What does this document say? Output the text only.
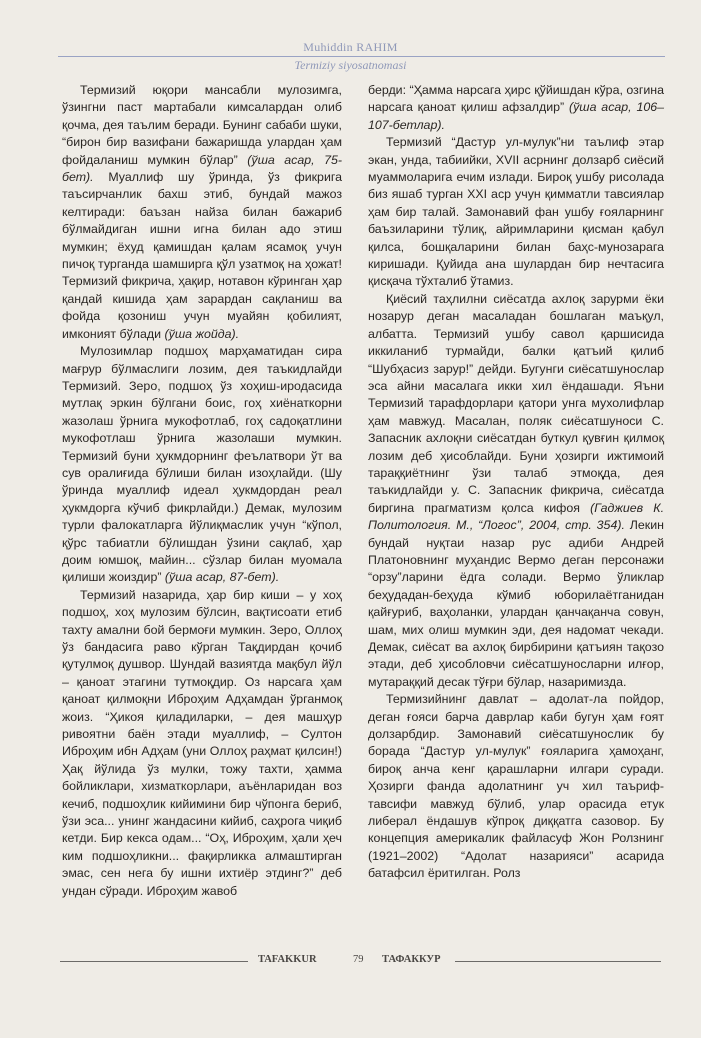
Muhiddin RAHIM
Termiziy siyosatnomasi

Термизий юқори мансабли мулозимга, ўзингни паст мартабали кимсалардан олиб қочма, дея таълим беради. Бунинг сабаби шуки, “бирон бир вазифани бажаришда улардан ҳам фойдаланиш мумкин бўлар” (ўша асар, 75-бет). Муаллиф шу ўринда, ўз фикрига таъсирчанлик бахш этиб, бундай мажоз келтиради: баъзан найза билан бажариб бўлмайдиган ишни игна билан адо этиш мумкин; ёхуд қамишдан қалам ясамоқ учун пичоқ турганда шамширга қўл узатмоқ на ҳожат! Термизий фикрича, ҳақир, нотавон кўринган ҳар қандай кишида ҳам зарардан сақланиш ва фойда қозониш учун муайян қобилият, имконият бўлади (ўша жойда).

Мулозимлар подшоҳ марҳаматидан сира мағрур бўлмаслиги лозим, дея таъкидлайди Термизий. Зеро, подшоҳ ўз хоҳиш-иродасида мутлақ эркин бўлгани боис, гоҳ хиёнаткорни жазолаш ўрнига мукофотлаб, гоҳ садоқатлини мукофотлаш ўрнига жазолаши мумкин. Термизий буни ҳукмдорнинг феълатвори ўт ва сув оралиғида бўлиши билан изоҳлайди. (Шу ўринда муаллиф идеал ҳукмдордан реал ҳукмдорга кўчиб фикрлайди.) Демак, мулозим турли фалокатларга йўлиқмаслик учун “кўпол, қўрс табиатли бўлишдан ўзини сақлаб, ҳар доим юмшоқ, майин... сўзлар билан муомала қилиши жоиздир” (ўша асар, 87-бет).

Термизий назарида, ҳар бир киши – у хоҳ подшоҳ, хоҳ мулозим бўлсин, вақтисоати етиб тахту амални бой бермоғи мумкин. Зеро, Оллоҳ ўз бандасига раво кўрган Тақдирдан қочиб қутулмоқ душвор. Шундай вазиятда мақбул йўл – қаноат этагини тутмоқдир. Оз нарсага ҳам қаноат қилмоқни Иброҳим Адҳамдан ўрганмоқ жоиз. “Ҳикоя қиладиларки, – дея машҳур ривоятни баён этади муаллиф, – Султон Иброҳим ибн Адҳам (уни Оллоҳ раҳмат қилсин!) Ҳақ йўлида ўз мулки, тожу тахти, ҳамма бойликлари, хизматкорлари, аъёнларидан воз кечиб, подшоҳлик кийимини бир чўпонга бериб, ўзи эса... унинг жандасини кийиб, саҳрога чиқиб кетди. Бир кекса одам... “Оҳ, Иброҳим, ҳали ҳеч ким подшоҳликни... фақирликка алмаштирган эмас, сен нега бу ишни ихтиёр этдинг?” деб ундан сўради. Иброҳим жавоб

берди: “Ҳамма нарсага ҳирс қўйишдан кўра, озгина нарсага қаноат қилиш афзалдир” (ўша асар, 106–107-бетлар).

Термизий “Дастур ул-мулук”ни таълиф этар экан, унда, табиийки, XVII асрнинг долзарб сиёсий муаммоларига ечим излади. Бироқ ушбу рисолада биз яшаб турган XXI аср учун қимматли тавсиялар ҳам бир талай. Замонавий фан ушбу ғояларнинг баъзиларини тўлиқ, айримларини қисман қабул қилса, бошқаларини билан баҳс-мунозарага киришади. Қуйида ана шулардан бир нечтасига қисқача тўхталиб ўтамиз.

Қиёсий таҳлилни сиёсатда ахлоқ зарурми ёки нозарур деган масаладан бошлаган маъқул, албатта. Термизий ушбу савол қаршисида иккиланиб турмайди, балки қатъий қилиб “Шубҳасиз зарур!” дейди. Бугунги сиёсатшунослар эса айни масалага икки хил ёндашади. Яъни Термизий тарафдорлари қатори унга мухолифлар ҳам мавжуд. Масалан, поляк сиёсатшуноси С. Запасник ахлоқни сиёсатдан буткул қувғин қилмоқ лозим деб ҳисоблайди. Буни ҳозирги ижтимоий тараққиётнинг ўзи талаб этмоқда, дея таъкидлайди у. С. Запасник фикрича, сиёсатда биргина прагматизм қолса кифоя (Гаджиев К. Политология. М., “Логос”, 2004, стр. 354). Лекин бундай нуқтаи назар рус адиби Андрей Платоновнинг муҳандис Вермо деган персонажи “орзу”ларини ёдга солади. Вермо ўликлар беҳудадан-беҳуда кўмиб юборилаётганидан қайғуриб, ваҳоланки, улардан қанчақанча совун, шам, мих олиш мумкин эди, дея надомат чекади. Демак, сиёсат ва ахлоқ бирбирини қатъиян тақозо этади, деб ҳисобловчи сиёсатшуносларни илғор, мутараққий десак тўғри бўлар, назаримизда.

Термизийнинг давлат – адолат-ла пойдор, деган ғояси барча даврлар каби бугун ҳам ғоят долзарбдир. Замонавий сиёсатшунослик бу борада “Дастур ул-мулук” ғояларига ҳамоҳанг, бироқ анча кенг қарашларни илгари суради. Ҳозирги фанда адолатнинг уч хил таъриф-тавсифи мавжуд бўлиб, улар орасида етук либерал ёндашув кўпроқ диққатга сазовор. Бу концепция америкалик файласуф Жон Ролзнинг (1921–2002) “Адолат назарияси” асарида батафсил ёритилган. Ролз

TAFAKKUR	79 ТАФАККУР
